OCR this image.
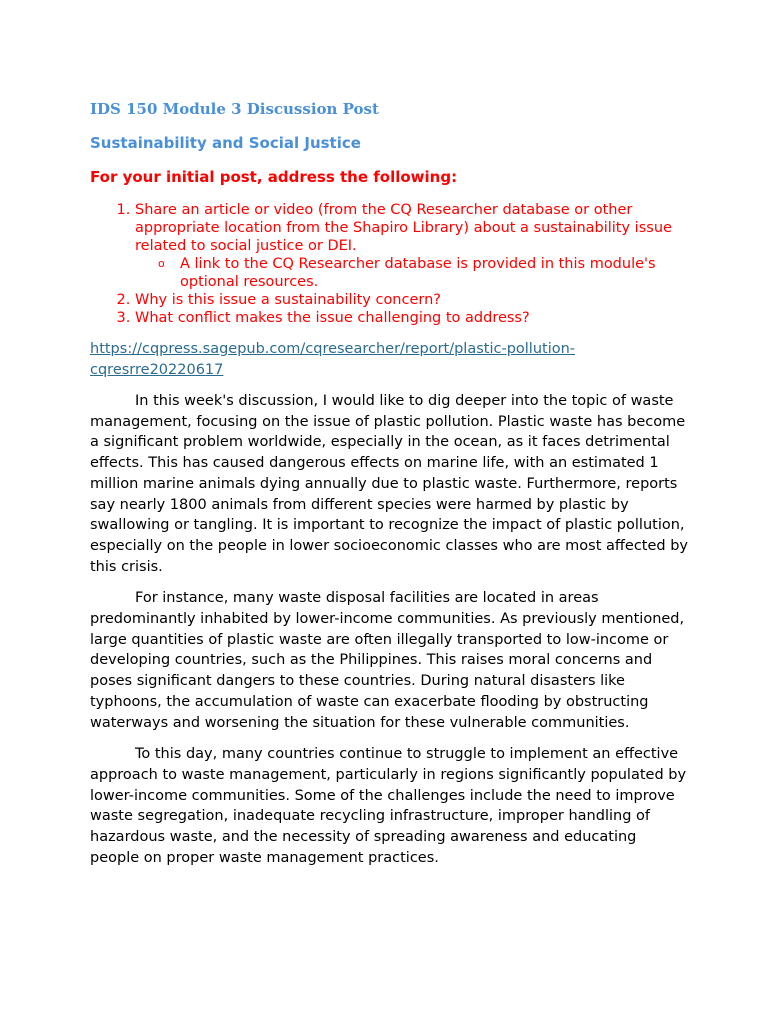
IDS 150 Module 3 Discussion Post
Sustainability and Social Justice
For your initial post, address the following:
1. Share an article or video (from the CQ Researcher database or other appropriate location from the Shapiro Library) about a sustainability issue related to social justice or DEI.
o A link to the CQ Researcher database is provided in this module's optional resources.
2. Why is this issue a sustainability concern?
3. What conflict makes the issue challenging to address?
https://cqpress.sagepub.com/cqresearcher/report/plastic-pollution-
cqresrre20220617

In this week's discussion, I would like to dig deeper into the topic of waste management, focusing on the issue of plastic pollution. Plastic waste has become a significant problem worldwide, especially in the ocean, as it faces detrimental effects. This has caused dangerous effects on marine life, with an estimated 1 million marine animals dying annually due to plastic waste. Furthermore, reports say nearly 1800 animals from different species were harmed by plastic by swallowing or tangling. It is important to recognize the impact of plastic pollution, especially on the people in lower socioeconomic classes who are most affected by this crisis.

For instance, many waste disposal facilities are located in areas predominantly inhabited by lower-income communities. As previously mentioned, large quantities of plastic waste are often illegally transported to low-income or developing countries, such as the Philippines. This raises moral concerns and poses significant dangers to these countries. During natural disasters like typhoons, the accumulation of waste can exacerbate flooding by obstructing waterways and worsening the situation for these vulnerable communities.

To this day, many countries continue to struggle to implement an effective approach to waste management, particularly in regions significantly populated by lower-income communities. Some of the challenges include the need to improve waste segregation, inadequate recycling infrastructure, improper handling of hazardous waste, and the necessity of spreading awareness and educating people on proper waste management practices.
